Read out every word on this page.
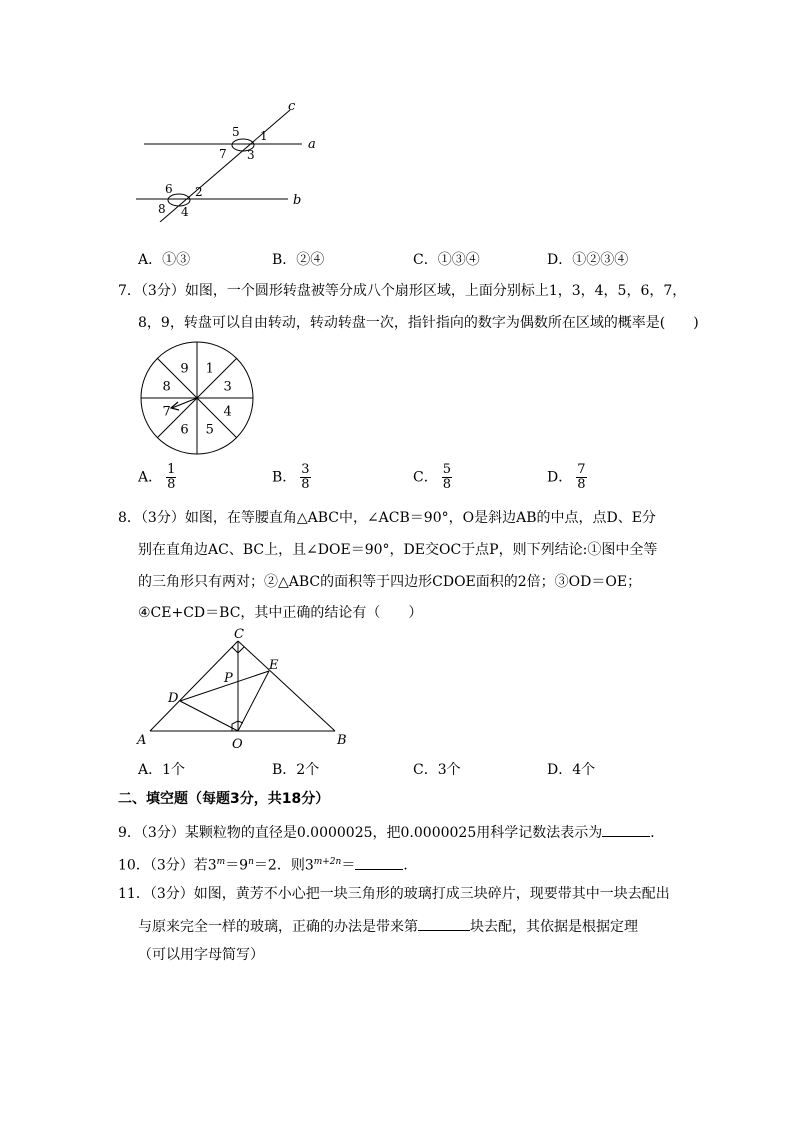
c
a
b
5 1
7 3
6 2
8 4
A．①③	B．②④	C．①③④	D．①②③④
7．（3分）如图，一个圆形转盘被等分成八个扇形区域，上面分别标上1，3，4，5，6，7，
8，9，转盘可以自由转动，转动转盘一次，指针指向的数字为偶数所在区域的概率是(　　)
9 1
3
4
5
6
7
8
A． $\frac{1}{8}$	B． $\frac{3}{8}$	C． $\frac{5}{8}$	D． $\frac{7}{8}$
8．（3分）如图，在等腰直角△ABC中，∠ACB＝90°，O是斜边AB的中点，点D、E分
别在直角边AC、BC上，且∠DOE＝90°，DE交OC于点P，则下列结论:①图中全等
的三角形只有两对；②△ABC的面积等于四边形CDOE面积的2倍；③OD＝OE；
④CE+CD＝BC，其中正确的结论有（　　）
C
E
P
D
A	O	B
A．1个	B．2个	C．3个	D．4个
二、填空题（每题3分，共18分）
9．（3分）某颗粒物的直径是0.0000025，把0.0000025用科学记数法表示为	．
10．（3分）若$3^m=9^n=2$．则$3^{m+2n}=$	．
11．（3分）如图，黄芳不小心把一块三角形的玻璃打成三块碎片，现要带其中一块去配出
与原来完全一样的玻璃，正确的办法是带来第	块去配，其依据是根据定理
（可以用字母简写）
